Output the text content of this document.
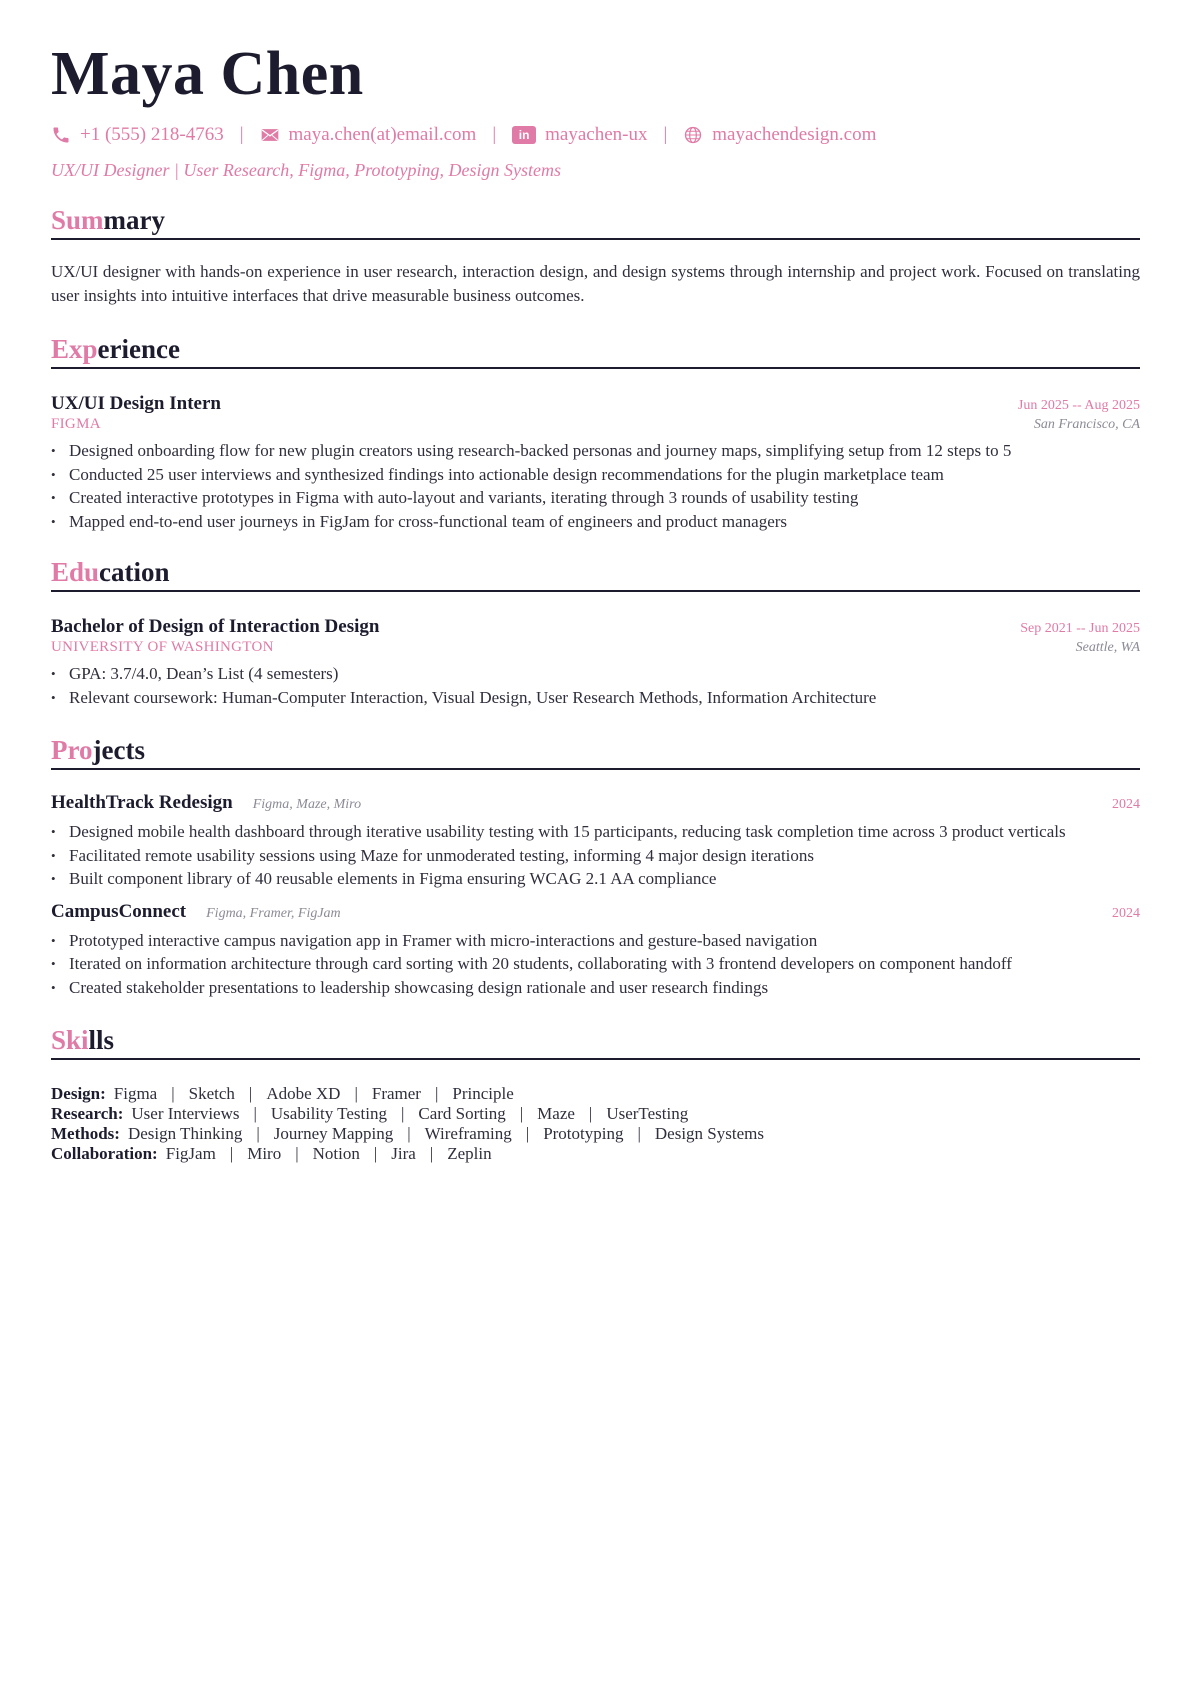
Maya Chen
+1 (555) 218-4763 | maya.chen(at)email.com |	in mayachen-ux | mayachendesign.com
UX/UI Designer | User Research, Figma, Prototyping, Design Systems
Summary
UX/UI designer with hands-on experience in user research, interaction design, and design systems through internship and project work. Focused on translating user insights into intuitive interfaces that drive measurable business outcomes.
Experience
UX/UI Design Intern	Jun 2025 -- Aug 2025
FIGMA	San Francisco, CA
• Designed onboarding flow for new plugin creators using research-backed personas and journey maps, simplifying setup from 12 steps to 5
• Conducted 25 user interviews and synthesized findings into actionable design recommendations for the plugin marketplace team
• Created interactive prototypes in Figma with auto-layout and variants, iterating through 3 rounds of usability testing
• Mapped end-to-end user journeys in FigJam for cross-functional team of engineers and product managers
Education
Bachelor of Design of Interaction Design	Sep 2021 -- Jun 2025
UNIVERSITY OF WASHINGTON	Seattle, WA
• GPA: 3.7/4.0, Dean’s List (4 semesters)
• Relevant coursework: Human-Computer Interaction, Visual Design, User Research Methods, Information Architecture
Projects
HealthTrack Redesign Figma, Maze, Miro	2024
• Designed mobile health dashboard through iterative usability testing with 15 participants, reducing task completion time across 3 product verticals
• Facilitated remote usability sessions using Maze for unmoderated testing, informing 4 major design iterations
• Built component library of 40 reusable elements in Figma ensuring WCAG 2.1 AA compliance
CampusConnect Figma, Framer, FigJam	2024
• Prototyped interactive campus navigation app in Framer with micro-interactions and gesture-based navigation
• Iterated on information architecture through card sorting with 20 students, collaborating with 3 frontend developers on component handoff
• Created stakeholder presentations to leadership showcasing design rationale and user research findings
Skills
Design: Figma | Sketch | Adobe XD | Framer | Principle
Research: User Interviews | Usability Testing | Card Sorting | Maze | UserTesting
Methods: Design Thinking | Journey Mapping | Wireframing | Prototyping | Design Systems
Collaboration: FigJam | Miro | Notion | Jira | Zeplin
